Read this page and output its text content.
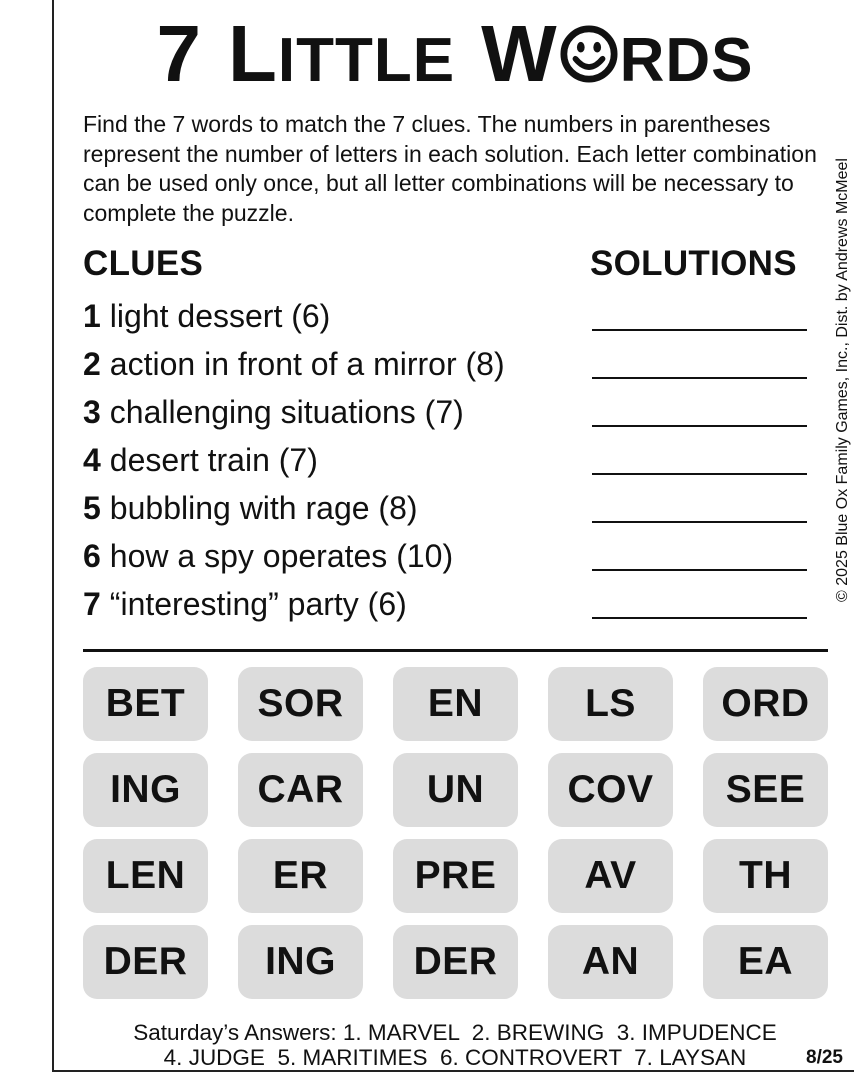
7 L ITTLE W RDS
Find the 7 words to match the 7 clues. The numbers in parentheses represent the number of letters in each solution. Each letter combination can be used only once, but all letter combinations will be necessary to complete the puzzle.
CLUES	SOLUTIONS
1 light dessert (6)
2 action in front of a mirror (8)
3 challenging situations (7)
4 desert train (7)
5 bubbling with rage (8)
6 how a spy operates (10)
7 “interesting” party (6)
© 2025 Blue Ox Family Games, Inc., Dist. by Andrews McMeel
BET	SOR	EN	LS	ORD
ING	CAR	UN	COV	SEE
LEN	ER	PRE	AV	TH
DER	ING	DER	AN	EA
Saturday’s Answers: 1. MARVEL  2. BREWING  3. IMPUDENCE
4. JUDGE  5. MARITIMES  6. CONTROVERT  7. LAYSAN	8/25
